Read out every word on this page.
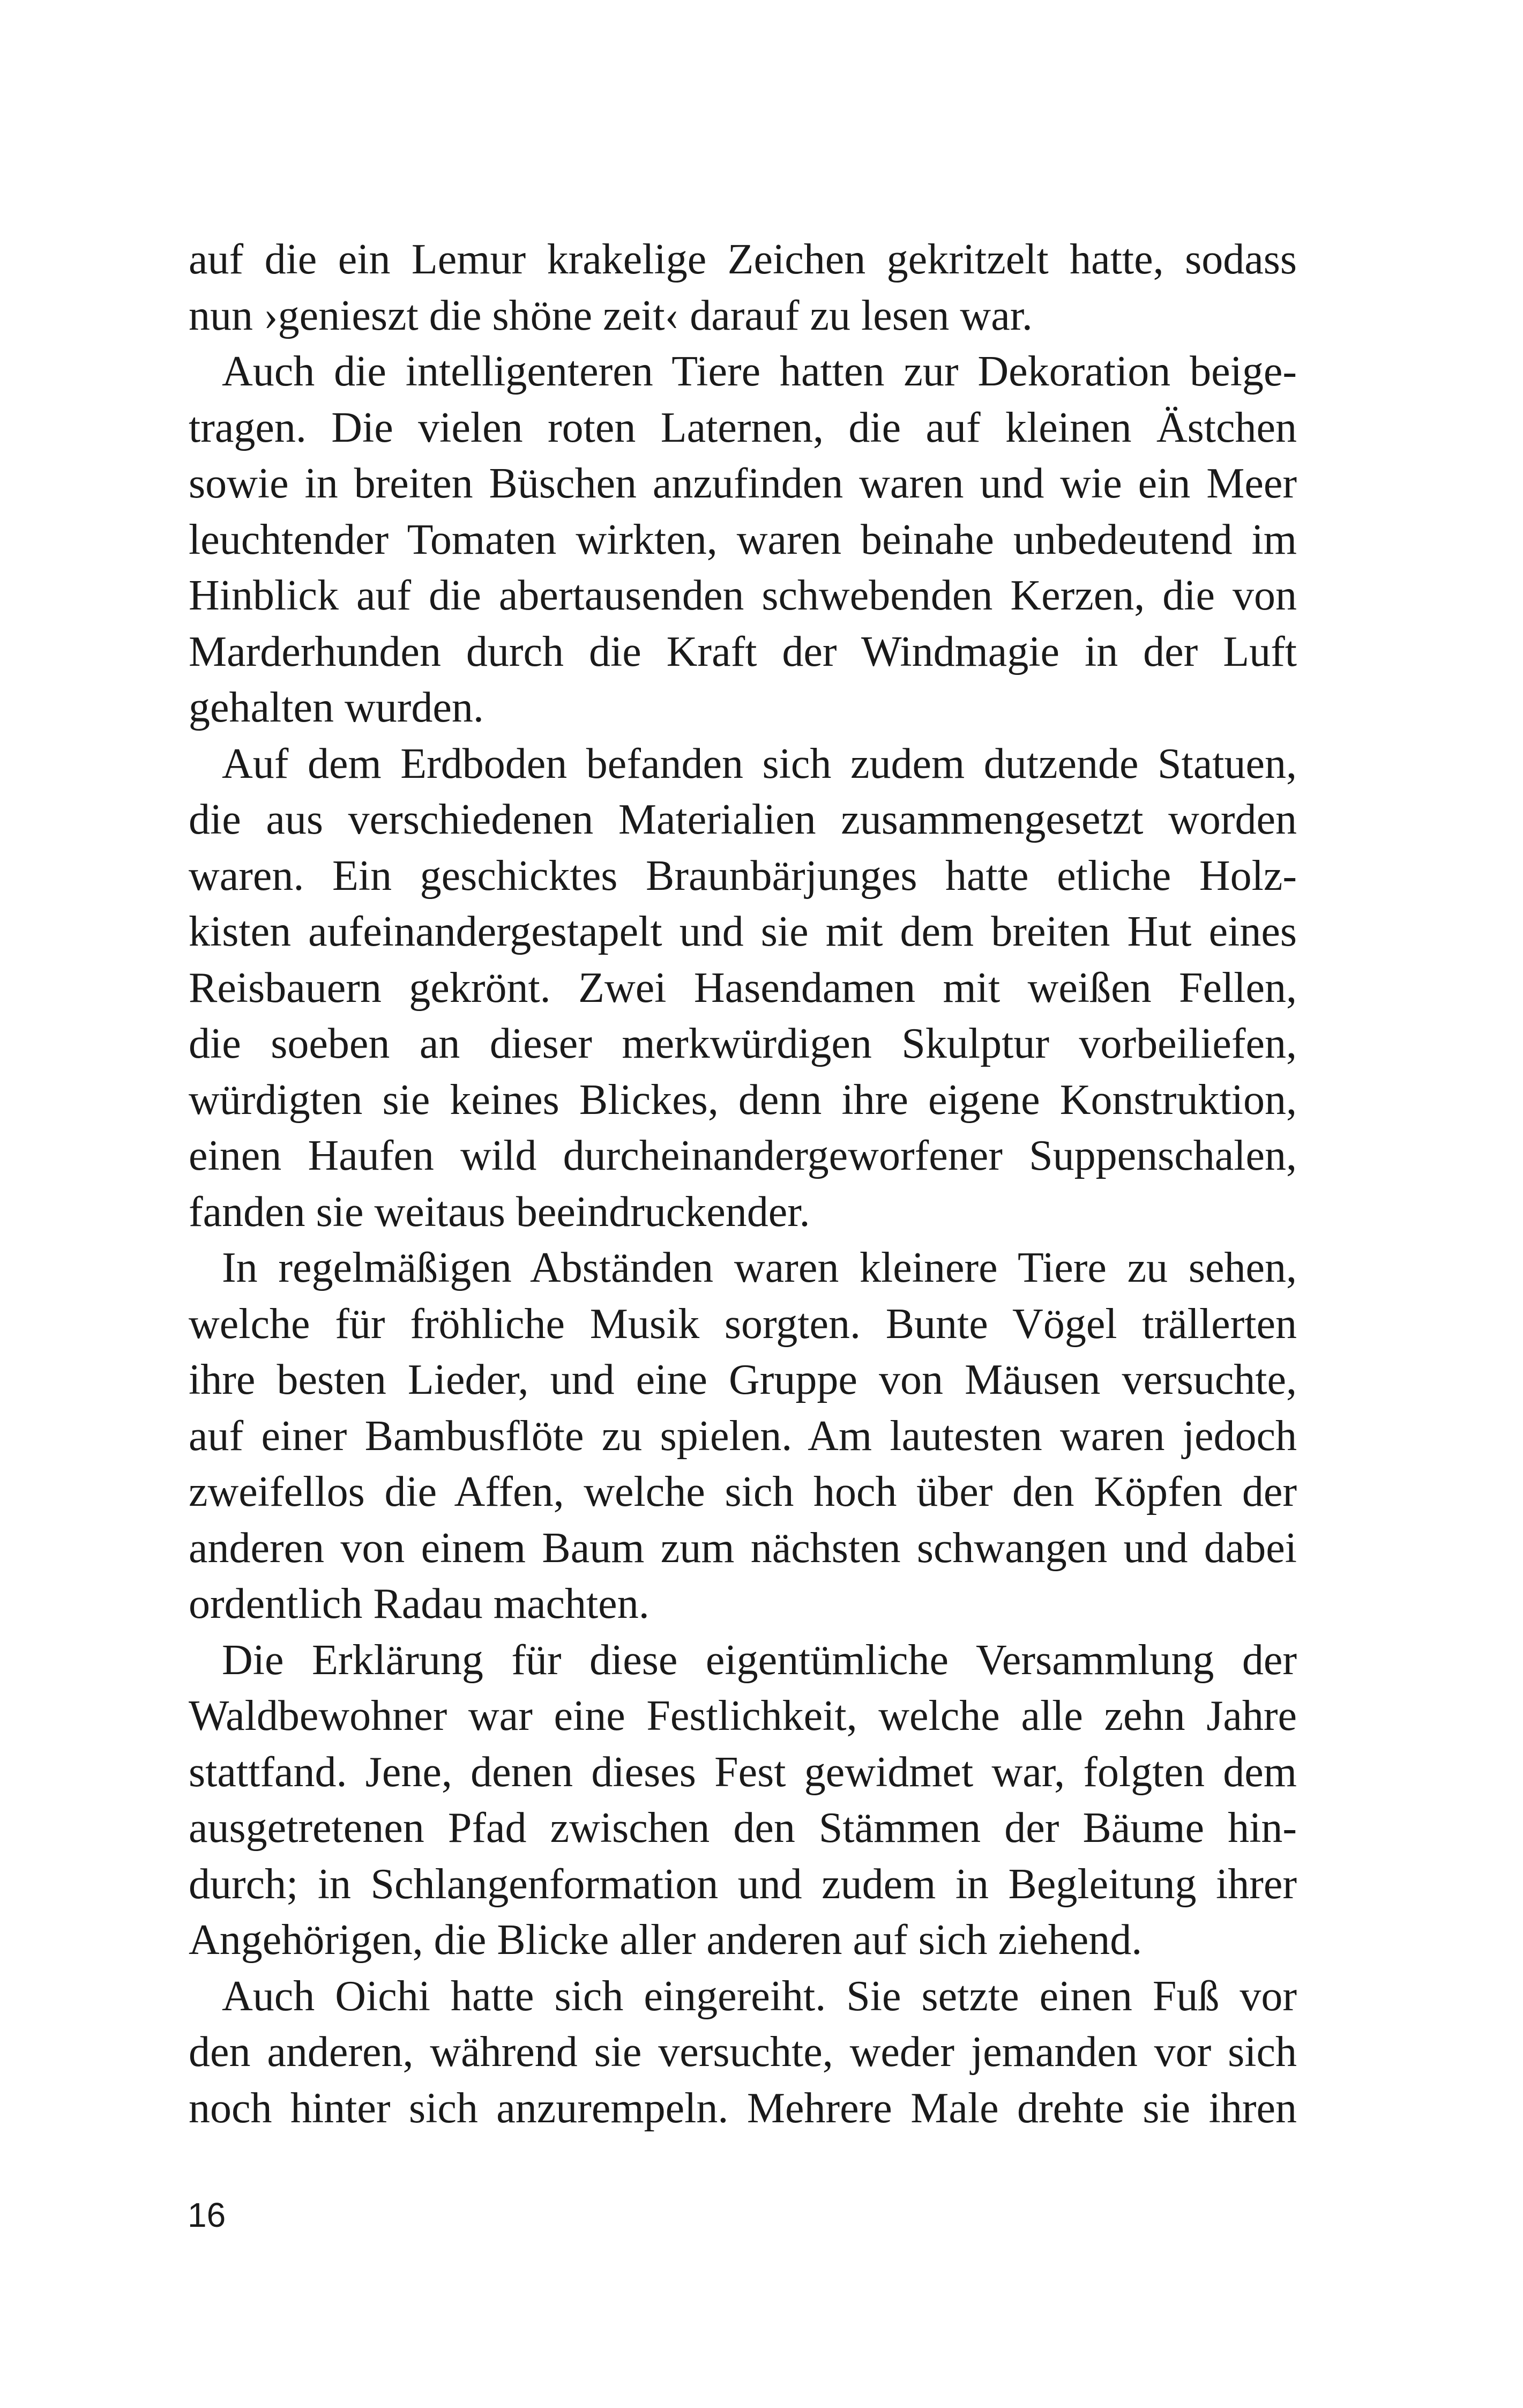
auf die ein Lemur krakelige Zeichen gekritzelt hatte, sodass
nun ›genieszt die shöne zeit‹ darauf zu lesen war.
Auch die intelligenteren Tiere hatten zur Dekoration beige-
tragen. Die vielen roten Laternen, die auf kleinen Ästchen
sowie in breiten Büschen anzufinden waren und wie ein Meer
leuchtender Tomaten wirkten, waren beinahe unbedeutend im
Hinblick auf die abertausenden schwebenden Kerzen, die von
Marderhunden durch die Kraft der Windmagie in der Luft
gehalten wurden.
Auf dem Erdboden befanden sich zudem dutzende Statuen,
die aus verschiedenen Materialien zusammengesetzt worden
waren. Ein geschicktes Braunbärjunges hatte etliche Holz-
kisten aufeinandergestapelt und sie mit dem breiten Hut eines
Reisbauern gekrönt. Zwei Hasendamen mit weißen Fellen,
die soeben an dieser merkwürdigen Skulptur vorbeiliefen,
würdigten sie keines Blickes, denn ihre eigene Konstruktion,
einen Haufen wild durcheinandergeworfener Suppenschalen,
fanden sie weitaus beeindruckender.
In regelmäßigen Abständen waren kleinere Tiere zu sehen,
welche für fröhliche Musik sorgten. Bunte Vögel trällerten
ihre besten Lieder, und eine Gruppe von Mäusen versuchte,
auf einer Bambusflöte zu spielen. Am lautesten waren jedoch
zweifellos die Affen, welche sich hoch über den Köpfen der
anderen von einem Baum zum nächsten schwangen und dabei
ordentlich Radau machten.
Die Erklärung für diese eigentümliche Versammlung der
Waldbewohner war eine Festlichkeit, welche alle zehn Jahre
stattfand. Jene, denen dieses Fest gewidmet war, folgten dem
ausgetretenen Pfad zwischen den Stämmen der Bäume hin-
durch; in Schlangenformation und zudem in Begleitung ihrer
Angehörigen, die Blicke aller anderen auf sich ziehend.
Auch Oichi hatte sich eingereiht. Sie setzte einen Fuß vor
den anderen, während sie versuchte, weder jemanden vor sich
noch hinter sich anzurempeln. Mehrere Male drehte sie ihren
16
